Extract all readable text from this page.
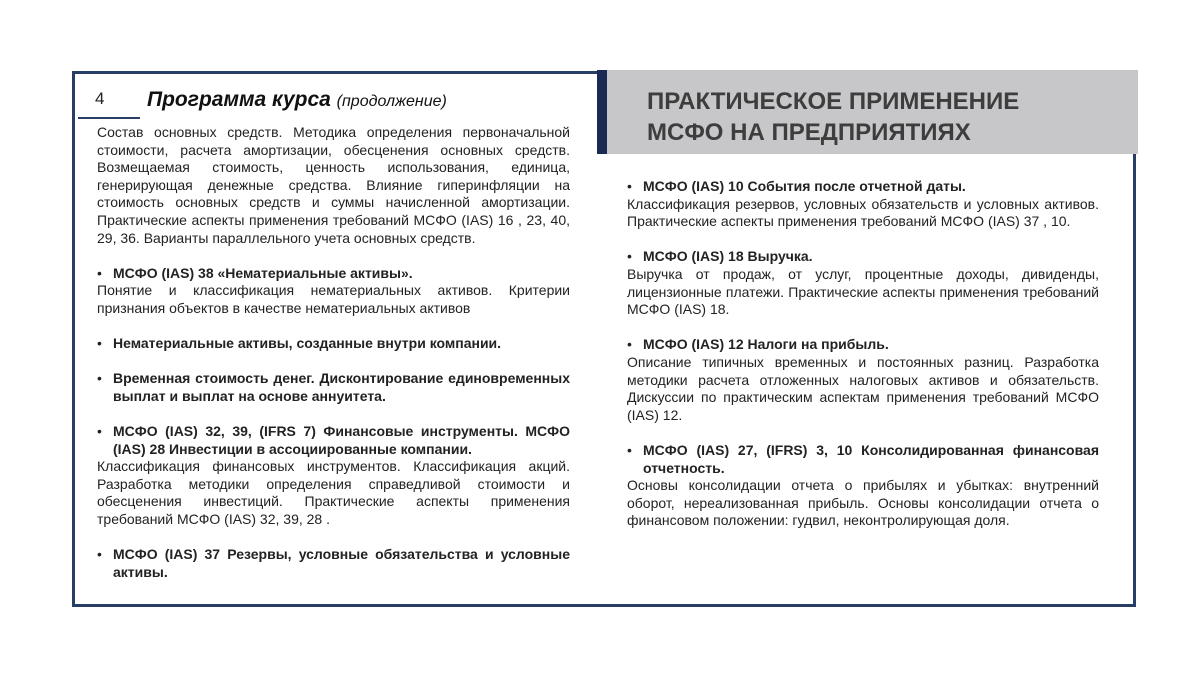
ПРАКТИЧЕСКОЕ ПРИМЕНЕНИЕ
МСФО НА ПРЕДПРИЯТИЯХ
4 Программа курса (продолжение)

Состав основных средств. Методика определения первоначальной стоимости, расчета амортизации, обесценения основных средств. Возмещаемая стоимость, ценность использования, единица, генерирующая денежные средства. Влияние гиперинфляции на стоимость основных средств и суммы начисленной амортизации. Практические аспекты применения требований МСФО (IAS) 16 , 23, 40, 29, 36. Варианты параллельного учета основных средств.

• МСФО (IAS) 38 «Нематериальные активы».

Понятие и классификация нематериальных активов. Критерии признания объектов в качестве нематериальных активов

• Нематериальные активы, созданные внутри компании.

• Временная стоимость денег. Дисконтирование единовременных выплат и выплат на основе аннуитета.

• МСФО (IAS) 32, 39, (IFRS 7) Финансовые инструменты. МСФО (IAS) 28 Инвестиции в ассоциированные компании.

Классификация финансовых инструментов. Классификация акций. Разработка методики определения справедливой стоимости и обесценения инвестиций. Практические аспекты применения требований МСФО (IAS) 32, 39, 28 .

• МСФО (IAS) 37 Резервы, условные обязательства и условные активы.

• МСФО (IAS) 10 События после отчетной даты.

Классификация резервов, условных обязательств и условных активов. Практические аспекты применения требований МСФО (IAS) 37 , 10.

• МСФО (IAS) 18 Выручка.

Выручка от продаж, от услуг, процентные доходы, дивиденды, лицензионные платежи. Практические аспекты применения требований МСФО (IAS) 18.

• МСФО (IAS) 12 Налоги на прибыль.

Описание типичных временных и постоянных разниц. Разработка методики расчета отложенных налоговых активов и обязательств. Дискуссии по практическим аспектам применения требований МСФО (IAS) 12.

• МСФО (IAS) 27, (IFRS) 3, 10 Консолидированная финансовая отчетность.

Основы консолидации отчета о прибылях и убытках: внутренний оборот, нереализованная прибыль. Основы консолидации отчета о финансовом положении: гудвил, неконтролирующая доля.
